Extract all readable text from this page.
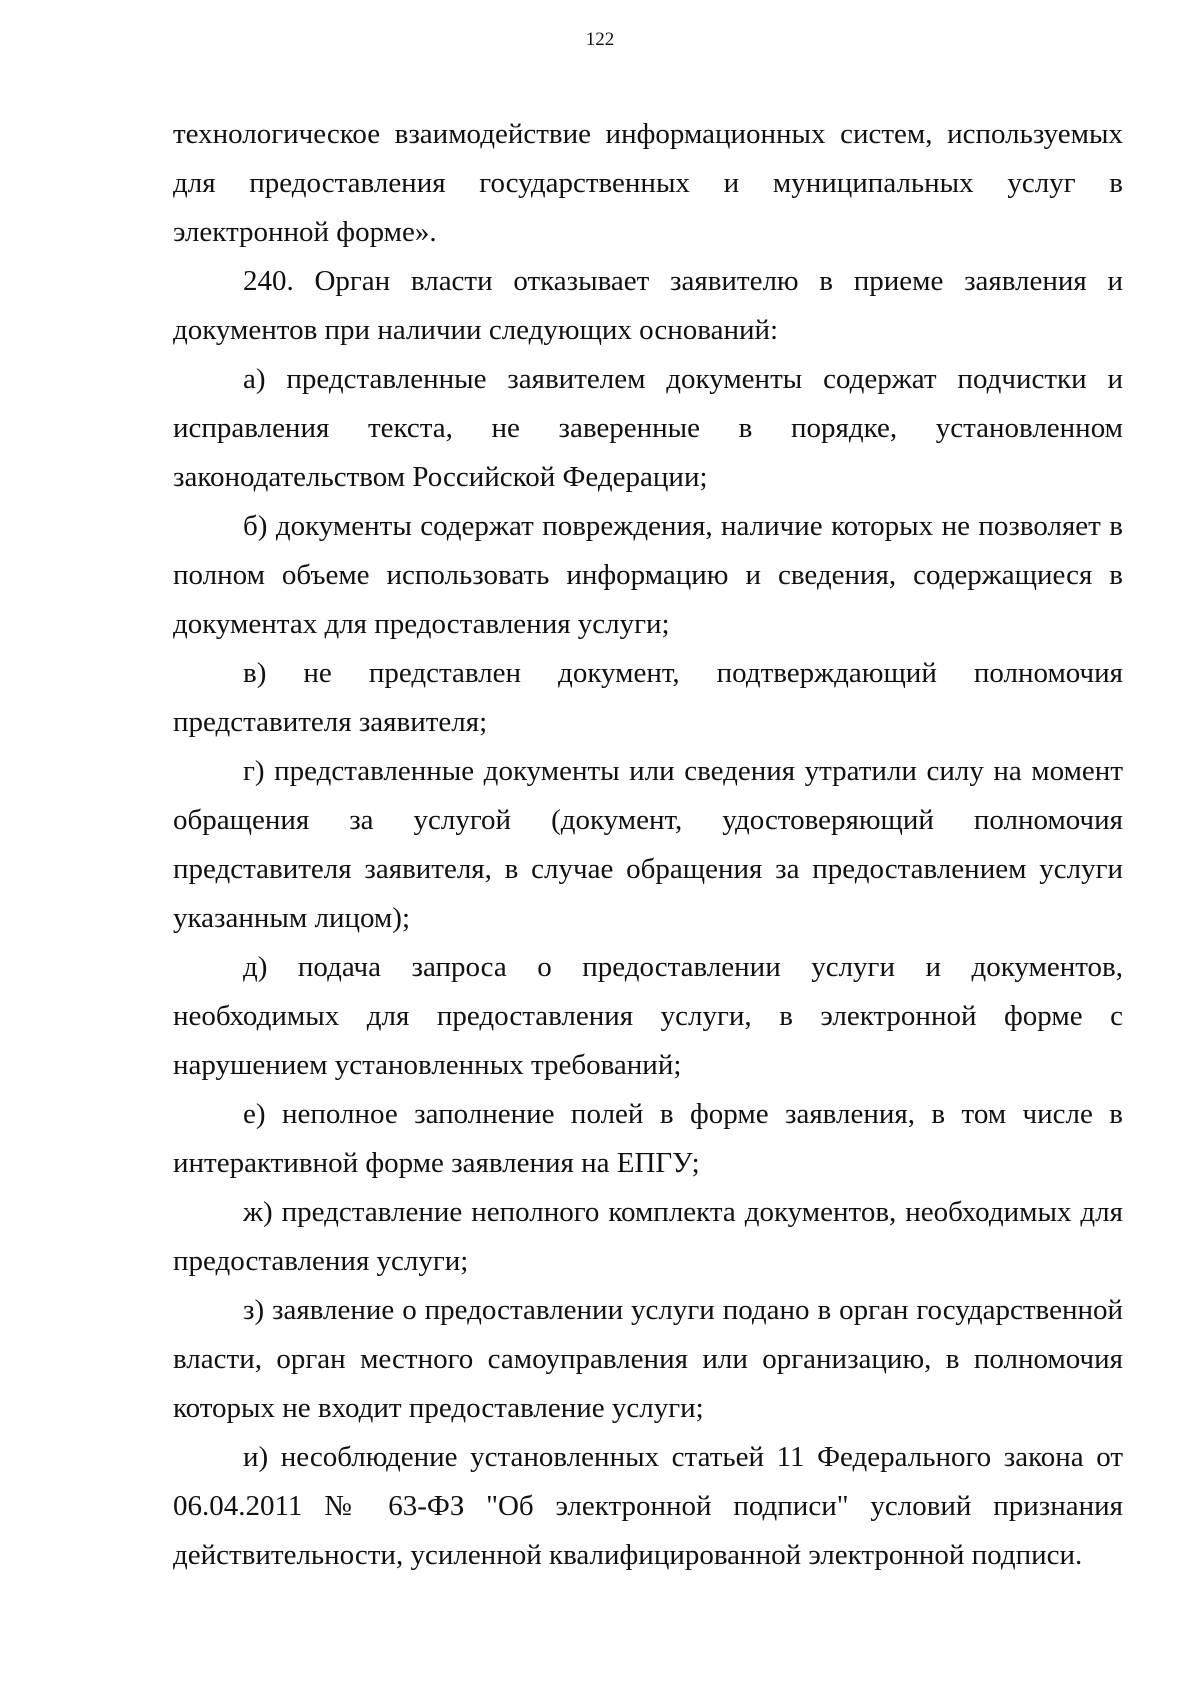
122

технологическое взаимодействие информационных систем, используемых для предоставления государственных и муниципальных услуг в электронной форме».

240. Орган власти отказывает заявителю в приеме заявления и документов при наличии следующих оснований:

а) представленные заявителем документы содержат подчистки и исправления текста, не заверенные в порядке, установленном законодательством Российской Федерации;

б) документы содержат повреждения, наличие которых не позволяет в полном объеме использовать информацию и сведения, содержащиеся в документах для предоставления услуги;

в) не представлен документ, подтверждающий полномочия представителя заявителя;

г) представленные документы или сведения утратили силу на момент обращения за услугой (документ, удостоверяющий полномочия представителя заявителя, в случае обращения за предоставлением услуги указанным лицом);

д) подача запроса о предоставлении услуги и документов, необходимых для предоставления услуги, в электронной форме с нарушением установленных требований;

е) неполное заполнение полей в форме заявления, в том числе в интерактивной форме заявления на ЕПГУ;

ж) представление неполного комплекта документов, необходимых для предоставления услуги;

з) заявление о предоставлении услуги подано в орган государственной власти, орган местного самоуправления или организацию, в полномочия которых не входит предоставление услуги;

и) несоблюдение установленных статьей 11 Федерального закона от 06.04.2011 № 63-ФЗ "Об электронной подписи" условий признания действительности, усиленной квалифицированной электронной подписи.
